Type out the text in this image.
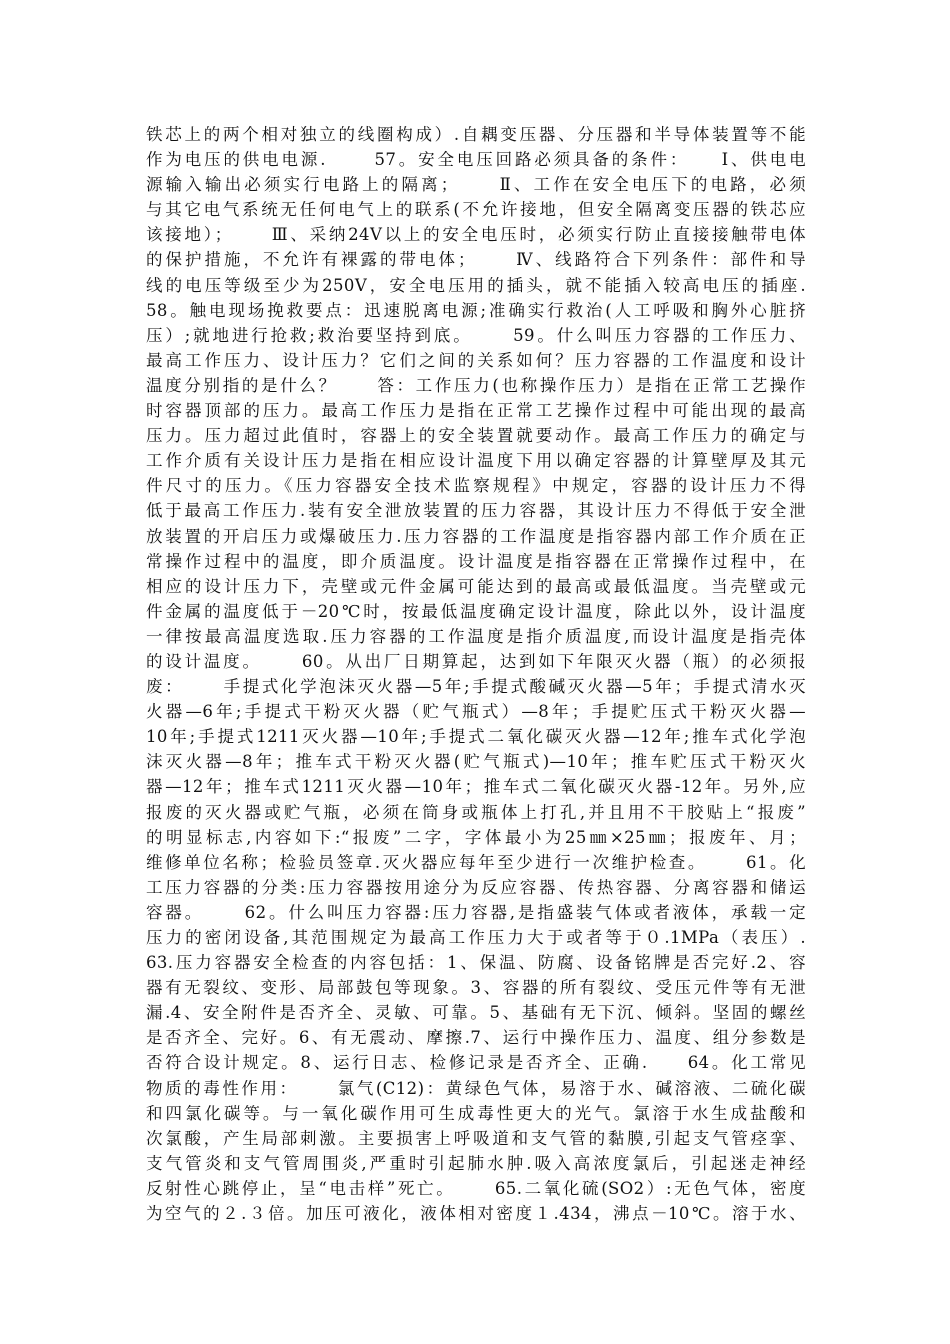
铁芯上的两个相对独立的线圈构成）.自耦变压器、分压器和半导体装置等不能
作为电压的供电电源.      57。安全电压回路必须具备的条件：    Ⅰ、供电电
源输入输出必须实行电路上的隔离；     Ⅱ、工作在安全电压下的电路，必须
与其它电气系统无任何电气上的联系(不允许接地，但安全隔离变压器的铁芯应
该接地）；     Ⅲ、采纳24V以上的安全电压时，必须实行防止直接接触带电体
的保护措施，不允许有裸露的带电体；     Ⅳ、线路符合下列条件：部件和导
线的电压等级至少为250V，安全电压用的插头，就不能插入较高电压的插座.
58。触电现场挽救要点：迅速脱离电源;准确实行救治(人工呼吸和胸外心脏挤
压）;就地进行抢救;救治要坚持到底。     59。什么叫压力容器的工作压力、
最高工作压力、设计压力？它们之间的关系如何？压力容器的工作温度和设计
温度分别指的是什么？     答：工作压力(也称操作压力）是指在正常工艺操作
时容器顶部的压力。最高工作压力是指在正常工艺操作过程中可能出现的最高
压力。压力超过此值时，容器上的安全装置就要动作。最高工作压力的确定与
工作介质有关设计压力是指在相应设计温度下用以确定容器的计算壁厚及其元
件尺寸的压力。《压力容器安全技术监察规程》中规定，容器的设计压力不得
低于最高工作压力.装有安全泄放装置的压力容器，其设计压力不得低于安全泄
放装置的开启压力或爆破压力.压力容器的工作温度是指容器内部工作介质在正
常操作过程中的温度，即介质温度。设计温度是指容器在正常操作过程中，在
相应的设计压力下，壳壁或元件金属可能达到的最高或最低温度。当壳壁或元
件金属的温度低于－20℃时，按最低温度确定设计温度，除此以外，设计温度
一律按最高温度选取.压力容器的工作温度是指介质温度,而设计温度是指壳体
的设计温度。     60。从出厂日期算起，达到如下年限灭火器（瓶）的必须报
废：     手提式化学泡沫灭火器—5年;手提式酸碱灭火器—5年；手提式清水灭
火器—6年;手提式干粉灭火器（贮气瓶式）—8年；手提贮压式干粉灭火器—
10年;手提式1211灭火器—10年;手提式二氧化碳灭火器—12年;推车式化学泡
沫灭火器—8年；推车式干粉灭火器(贮气瓶式)—10年；推车贮压式干粉灭火
器—12年；推车式1211灭火器—10年；推车式二氧化碳灭火器-12年。另外,应
报废的灭火器或贮气瓶，必须在筒身或瓶体上打孔,并且用不干胶贴上“报废”
的明显标志,内容如下:“报废”二字，字体最小为25㎜×25㎜；报废年、月；
维修单位名称；检验员签章.灭火器应每年至少进行一次维护检查。     61。化
工压力容器的分类:压力容器按用途分为反应容器、传热容器、分离容器和储运
容器。     62。什么叫压力容器:压力容器,是指盛装气体或者液体，承载一定
压力的密闭设备,其范围规定为最高工作压力大于或者等于０.1MPa（表压）.
63.压力容器安全检查的内容包括：1、保温、防腐、设备铭牌是否完好.2、容
器有无裂纹、变形、局部鼓包等现象。3、容器的所有裂纹、受压元件等有无泄
漏.4、安全附件是否齐全、灵敏、可靠。5、基础有无下沉、倾斜。坚固的螺丝
是否齐全、完好。6、有无震动、摩擦.7、运行中操作压力、温度、组分参数是
否符合设计规定。8、运行日志、检修记录是否齐全、正确.     64。化工常见
物质的毒性作用：     氯气(C12)：黄绿色气体，易溶于水、碱溶液、二硫化碳
和四氯化碳等。与一氧化碳作用可生成毒性更大的光气。氯溶于水生成盐酸和
次氯酸，产生局部刺激。主要损害上呼吸道和支气管的黏膜,引起支气管痉挛、
支气管炎和支气管周围炎,严重时引起肺水肿.吸入高浓度氯后，引起迷走神经
反射性心跳停止，呈“电击样”死亡。     65.二氧化硫(SO2）:无色气体，密度
为空气的２.３倍。加压可液化，液体相对密度１.434，沸点－10℃。溶于水、
